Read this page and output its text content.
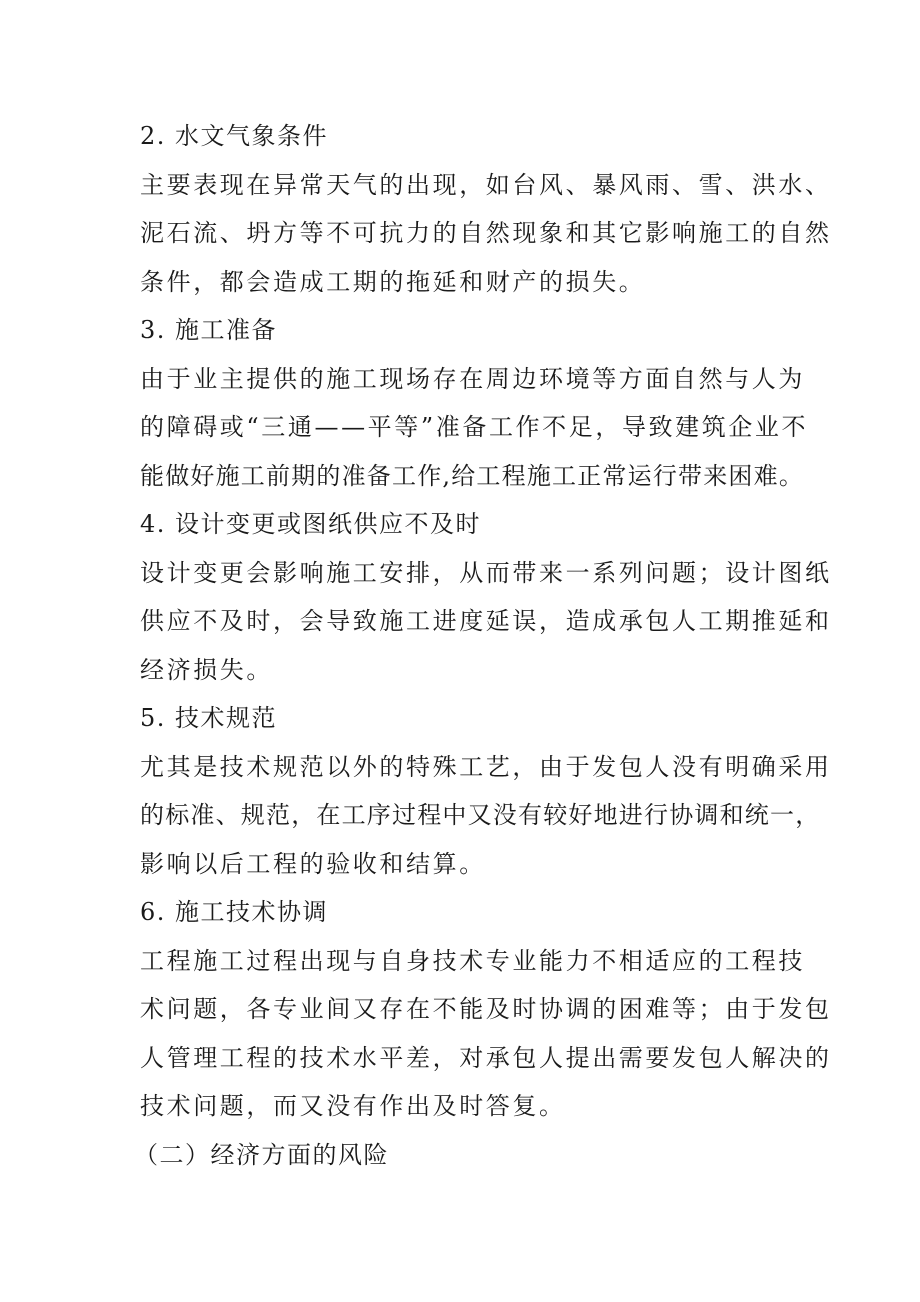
2. 水文气象条件
主要表现在异常天气的出现，如台风、暴风雨、雪、洪水、
泥石流、坍方等不可抗力的自然现象和其它影响施工的自然
条件，都会造成工期的拖延和财产的损失。
3. 施工准备
由于业主提供的施工现场存在周边环境等方面自然与人为
的障碍或“三通——平等”准备工作不足，导致建筑企业不
能做好施工前期的准备工作,给工程施工正常运行带来困难。
4. 设计变更或图纸供应不及时
设计变更会影响施工安排，从而带来一系列问题；设计图纸
供应不及时，会导致施工进度延误，造成承包人工期推延和
经济损失。
5. 技术规范
尤其是技术规范以外的特殊工艺，由于发包人没有明确采用
的标准、规范，在工序过程中又没有较好地进行协调和统一，
影响以后工程的验收和结算。
6. 施工技术协调
工程施工过程出现与自身技术专业能力不相适应的工程技
术问题，各专业间又存在不能及时协调的困难等；由于发包
人管理工程的技术水平差，对承包人提出需要发包人解决的
技术问题，而又没有作出及时答复。
（二）经济方面的风险
